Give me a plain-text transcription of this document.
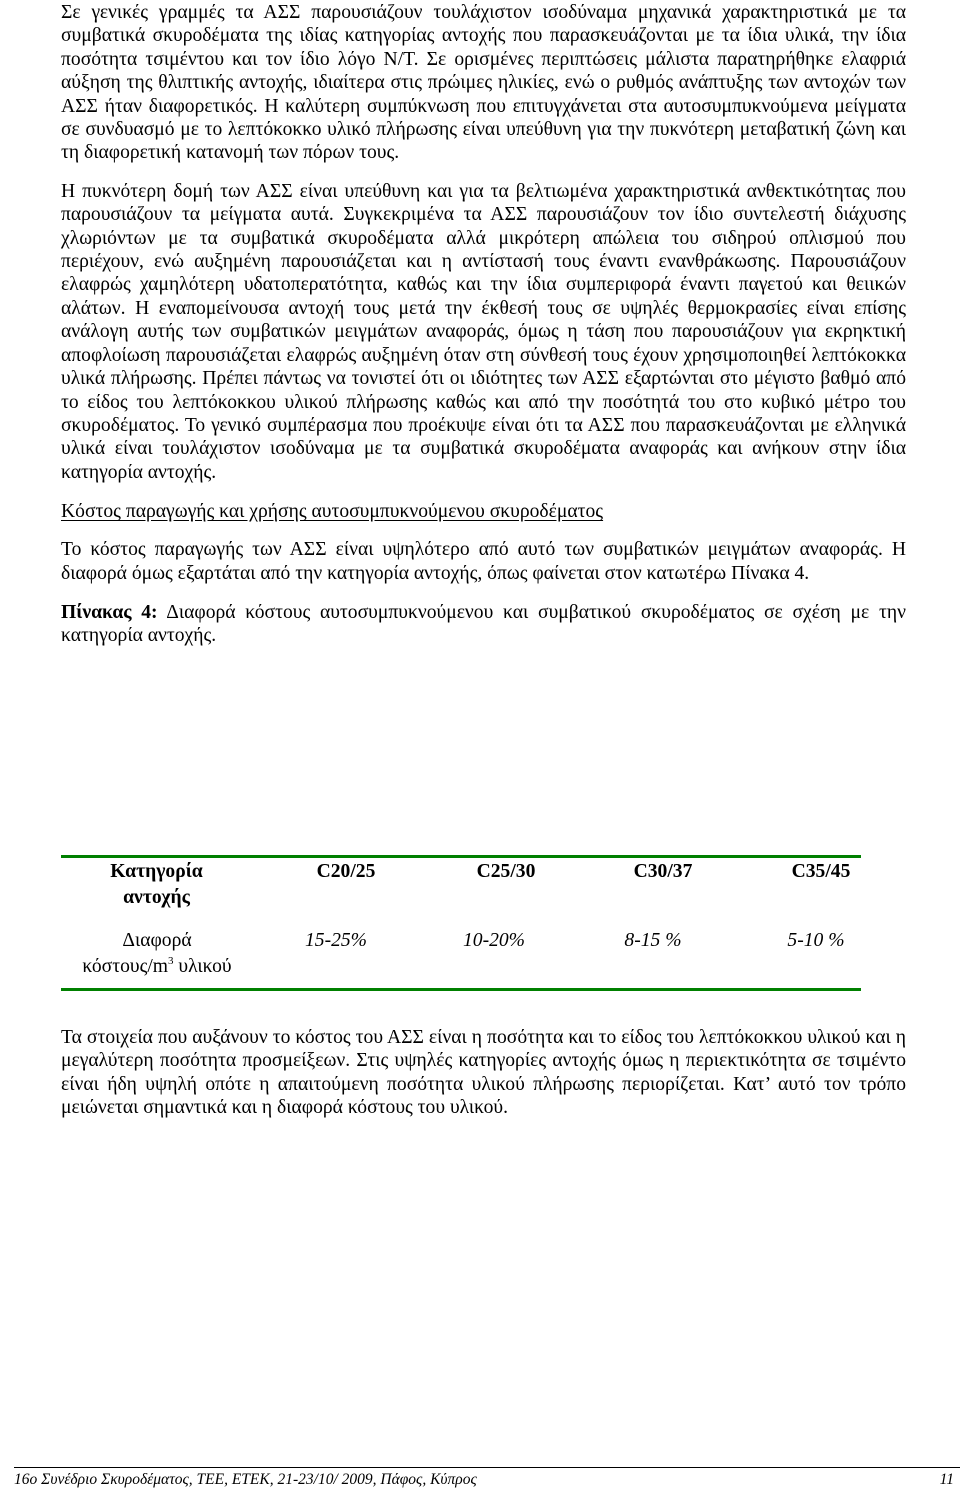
Σε γενικές γραμμές τα ΑΣΣ παρουσιάζουν τουλάχιστον ισοδύναμα μηχανικά χαρακτηριστικά με τα συμβατικά σκυροδέματα της ιδίας κατηγορίας αντοχής που παρασκευάζονται με τα ίδια υλικά, την ίδια ποσότητα τσιμέντου και τον ίδιο λόγο Ν/Τ. Σε ορισμένες περιπτώσεις μάλιστα παρατηρήθηκε ελαφριά αύξηση της θλιπτικής αντοχής, ιδιαίτερα στις πρώιμες ηλικίες, ενώ ο ρυθμός ανάπτυξης των αντοχών των ΑΣΣ ήταν διαφορετικός. Η καλύτερη συμπύκνωση που επιτυγχάνεται στα αυτοσυμπυκνούμενα μείγματα σε συνδυασμό με το λεπτόκοκκο υλικό πλήρωσης είναι υπεύθυνη για την πυκνότερη μεταβατική ζώνη και τη διαφορετική κατανομή των πόρων τους.

Η πυκνότερη δομή των ΑΣΣ είναι υπεύθυνη και για τα βελτιωμένα χαρακτηριστικά ανθεκτικότητας που παρουσιάζουν τα μείγματα αυτά. Συγκεκριμένα τα ΑΣΣ παρουσιάζουν τον ίδιο συντελεστή διάχυσης χλωριόντων με τα συμβατικά σκυροδέματα αλλά μικρότερη απώλεια του σιδηρού οπλισμού που περιέχουν, ενώ αυξημένη παρουσιάζεται και η αντίστασή τους έναντι ενανθράκωσης. Παρουσιάζουν ελαφρώς χαμηλότερη υδατοπερατότητα, καθώς και την ίδια συμπεριφορά έναντι παγετού και θειικών αλάτων. Η εναπομείνουσα αντοχή τους μετά την έκθεσή τους σε υψηλές θερμοκρασίες είναι επίσης ανάλογη αυτής των συμβατικών μειγμάτων αναφοράς, όμως η τάση που παρουσιάζουν για εκρηκτική αποφλοίωση παρουσιάζεται ελαφρώς αυξημένη όταν στη σύνθεσή τους έχουν χρησιμοποιηθεί λεπτόκοκκα υλικά πλήρωσης. Πρέπει πάντως να τονιστεί ότι οι ιδιότητες των ΑΣΣ εξαρτώνται στο μέγιστο βαθμό από το είδος του λεπτόκοκκου υλικού πλήρωσης καθώς και από την ποσότητά του στο κυβικό μέτρο του σκυροδέματος. Το γενικό συμπέρασμα που προέκυψε είναι ότι τα ΑΣΣ που παρασκευάζονται με ελληνικά υλικά είναι τουλάχιστον ισοδύναμα με τα συμβατικά σκυροδέματα αναφοράς και ανήκουν στην ίδια κατηγορία αντοχής.

Κόστος παραγωγής και χρήσης αυτοσυμπυκνούμενου σκυροδέματος

Το κόστος παραγωγής των ΑΣΣ είναι υψηλότερο από αυτό των συμβατικών μειγμάτων αναφοράς. Η διαφορά όμως εξαρτάται από την κατηγορία αντοχής, όπως φαίνεται στον κατωτέρω Πίνακα 4.

Πίνακας 4: Διαφορά κόστους αυτοσυμπυκνούμενου και συμβατικού σκυροδέματος σε σχέση με την κατηγορία αντοχής.

Κατηγορία
αντοχής
C20/25	C25/30	C30/37	C35/45
Διαφορά
κόστους/$m^3$ υλικού
15-25%	10-20%	8-15 %	5-10 %

Τα στοιχεία που αυξάνουν το κόστος του ΑΣΣ είναι η ποσότητα και το είδος του λεπτόκοκκου υλικού και η μεγαλύτερη ποσότητα προσμείξεων. Στις υψηλές κατηγορίες αντοχής όμως η περιεκτικότητα σε τσιμέντο είναι ήδη υψηλή οπότε η απαιτούμενη ποσότητα υλικού πλήρωσης περιορίζεται. Κατ’ αυτό τον τρόπο μειώνεται σημαντικά και η διαφορά κόστους του υλικού.

16ο Συνέδριο Σκυροδέματος, ΤΕΕ, ΕΤΕΚ, 21-23/10/ 2009, Πάφος, Κύπρος	11
